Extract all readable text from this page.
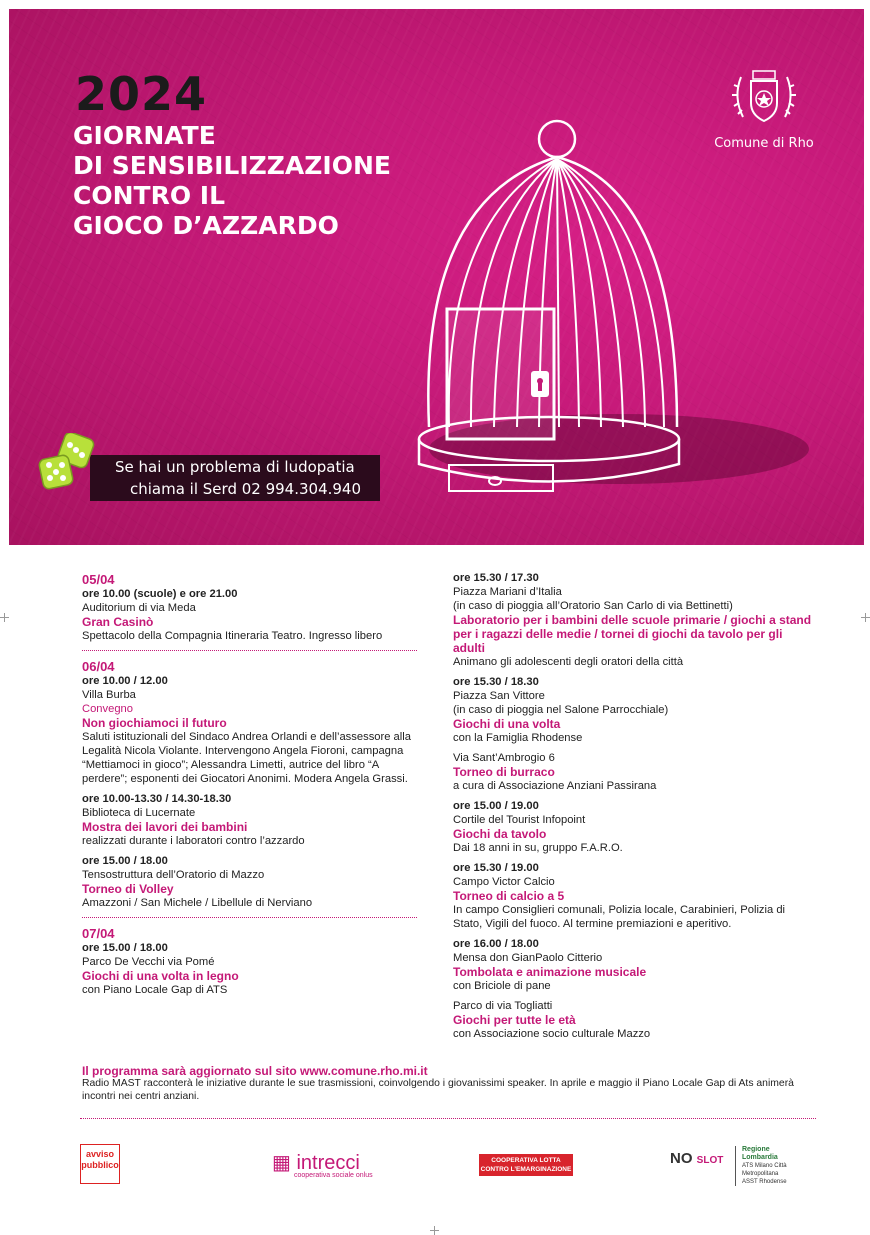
2024
GIORNATE
DI SENSIBILIZZAZIONE
CONTRO IL
GIOCO D’AZZARDO
Comune di Rho
Se hai un problema di ludopatia
chiama il Serd 02 994.304.940
05/04
ore 10.00 (scuole) e ore 21.00
Auditorium di via Meda
Gran Casinò
Spettacolo della Compagnia Itineraria Teatro. Ingresso libero
06/04
ore 10.00 / 12.00
Villa Burba
Convegno
Non giochiamoci il futuro
Saluti istituzionali del Sindaco Andrea Orlandi e dell’assessore alla Legalità Nicola Violante. Intervengono Angela Fioroni, campagna “Mettiamoci in gioco”; Alessandra Limetti, autrice del libro “A perdere”; esponenti dei Giocatori Anonimi. Modera Angela Grassi.
ore 10.00-13.30 / 14.30-18.30
Biblioteca di Lucernate
Mostra dei lavori dei bambini
realizzati durante i laboratori contro l’azzardo
ore 15.00 / 18.00
Tensostruttura dell’Oratorio di Mazzo
Torneo di Volley
Amazzoni / San Michele / Libellule di Nerviano
07/04
ore 15.00 / 18.00
Parco De Vecchi via Pomé
Giochi di una volta in legno
con Piano Locale Gap di ATS
ore 15.30 / 17.30
Piazza Mariani d’Italia
(in caso di pioggia all’Oratorio San Carlo di via Bettinetti)
Laboratorio per i bambini delle scuole primarie / giochi a stand per i ragazzi delle medie / tornei di giochi da tavolo per gli adulti
Animano gli adolescenti degli oratori della città
ore 15.30 / 18.30
Piazza San Vittore
(in caso di pioggia nel Salone Parrocchiale)
Giochi di una volta
con la Famiglia Rhodense
Via Sant’Ambrogio 6
Torneo di burraco
a cura di Associazione Anziani Passirana
ore 15.00 / 19.00
Cortile del Tourist Infopoint
Giochi da tavolo
Dai 18 anni in su, gruppo F.A.R.O.
ore 15.30 / 19.00
Campo Victor Calcio
Torneo di calcio a 5
In campo Consiglieri comunali, Polizia locale, Carabinieri, Polizia di Stato, Vigili del fuoco. Al termine premiazioni e aperitivo.
ore 16.00 / 18.00
Mensa don GianPaolo Citterio
Tombolata e animazione musicale
con Briciole di pane
Parco di via Togliatti
Giochi per tutte le età
con Associazione socio culturale Mazzo
Il programma sarà aggiornato sul sito www.comune.rho.mi.it
Radio MAST racconterà le iniziative durante le sue trasmissioni, coinvolgendo i giovanissimi speaker. In aprile e maggio il Piano Locale Gap di Ats animerà incontri nei centri anziani.
avviso pubblico	▦ intrecci
cooperativa sociale onlus
COOPERATIVA LOTTA
CONTRO L’EMARGINAZIONE
NO SLOT
Regione Lombardia
ATS Milano Città Metropolitana
ASST Rhodense
